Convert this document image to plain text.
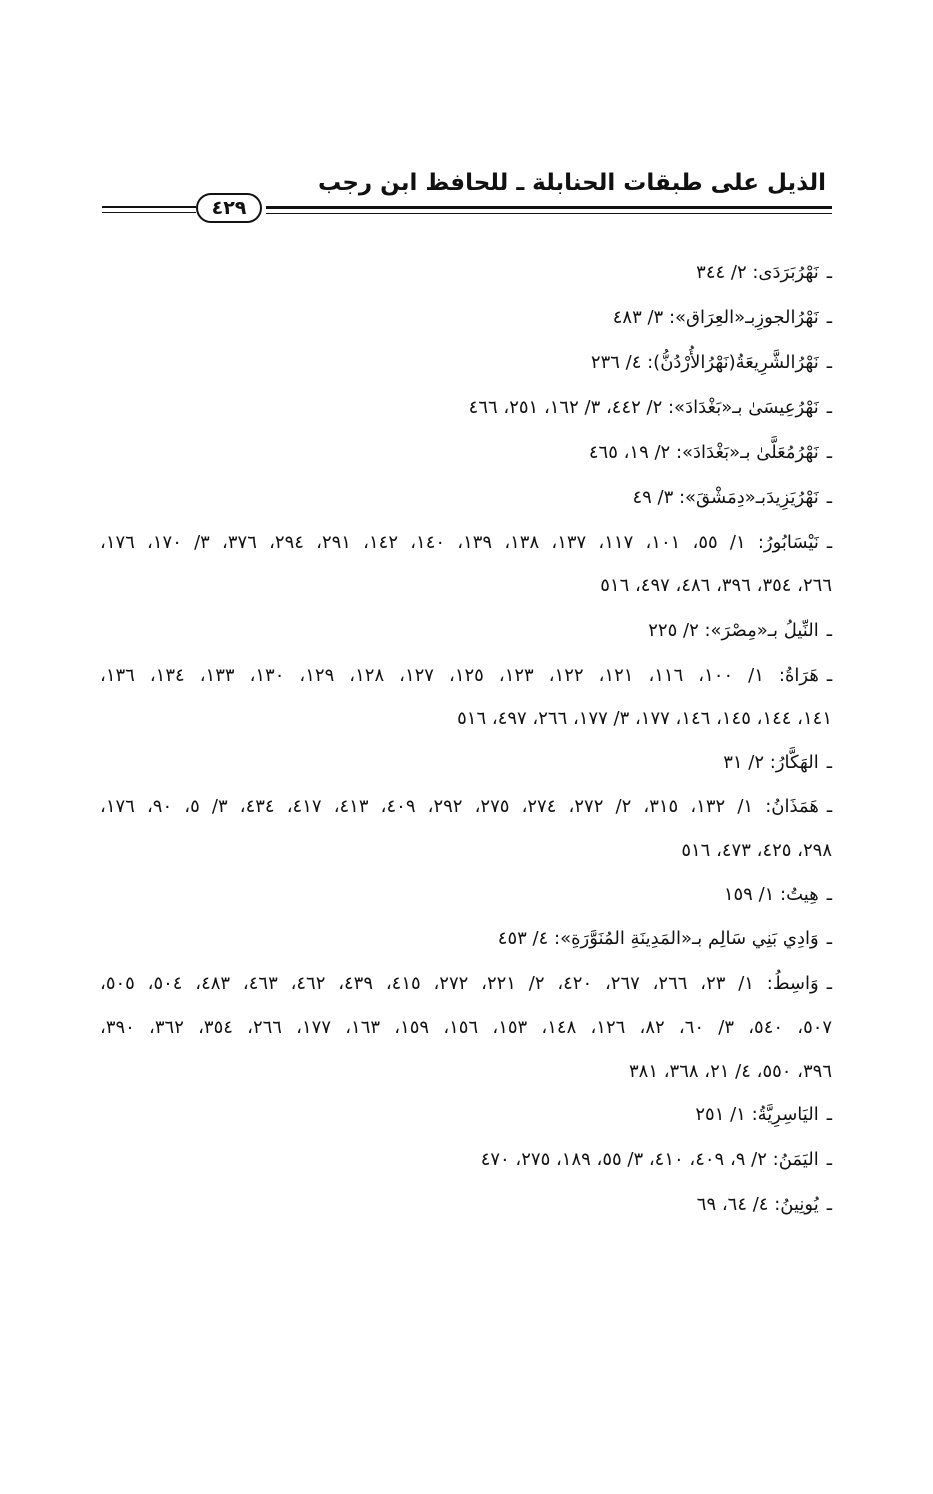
الذيل على طبقات الحنابلة ـ للحافظ ابن رجب
٤٢٩
ـنَهْرُبَرَدَى: ٢/ ٣٤٤
ـنَهْرُالجوزِبـ«العِرَاق»: ٣/ ٤٨٣
ـنَهْرُالشَّرِيعَةُ(نَهْرُالأُرْدُنُّ): ٤/ ٢٣٦
ـنَهْرُعِيسَىٰ بـ«بَغْدَادَ»: ٢/ ٤٤٢، ٣/ ١٦٢، ٢٥١، ٤٦٦
ـنَهْرُمُعَلَّىٰ بـ«بَغْدَادَ»: ٢/ ١٩، ٤٦٥
ـنَهْرُيَزِيدَبـ«دِمَشْقَ»: ٣/ ٤٩
ـنَيْسَابُورُ: ١/ ٥٥، ١٠١، ١١٧، ١٣٧، ١٣٨، ١٣٩، ١٤٠، ١٤٢، ٢٩١، ٢٩٤، ٣٧٦، ٣/ ١٧٠، ١٧٦،
٢٦٦، ٣٥٤، ٣٩٦، ٤٨٦، ٤٩٧، ٥١٦
ـالنِّيلُ بـ«مِصْرَ»: ٢/ ٢٢٥
ـهَرَاةُ: ١/ ١٠٠، ١١٦، ١٢١، ١٢٢، ١٢٣، ١٢٥، ١٢٧، ١٢٨، ١٢٩، ١٣٠، ١٣٣، ١٣٤، ١٣٦،
١٤١، ١٤٤، ١٤٥، ١٤٦، ١٧٧، ٣/ ١٧٧، ٢٦٦، ٤٩٧، ٥١٦
ـالهَكَّارُ: ٢/ ٣١
ـهَمَذَانُ: ١/ ١٣٢، ٣١٥، ٢/ ٢٧٢، ٢٧٤، ٢٧٥، ٢٩٢، ٤٠٩، ٤١٣، ٤١٧، ٤٣٤، ٣/ ٥، ٩٠، ١٧٦،
٢٩٨، ٤٢٥، ٤٧٣، ٥١٦
ـهِيتُ: ١/ ١٥٩
ـوَادِي بَنِي سَالِم بـ«المَدِينَةِ المُنَوَّرَةِ»: ٤/ ٤٥٣
ـوَاسِطُ: ١/ ٢٣، ٢٦٦، ٢٦٧، ٤٢٠، ٢/ ٢٢١، ٢٧٢، ٤١٥، ٤٣٩، ٤٦٢، ٤٦٣، ٤٨٣، ٥٠٤، ٥٠٥،
٥٠٧، ٥٤٠، ٣/ ٦٠، ٨٢، ١٢٦، ١٤٨، ١٥٣، ١٥٦، ١٥٩، ١٦٣، ١٧٧، ٢٦٦، ٣٥٤، ٣٦٢، ٣٩٠،
٣٩٦، ٥٥٠، ٤/ ٢١، ٣٦٨، ٣٨١
ـاليَاسِرِيَّةُ: ١/ ٢٥١
ـاليَمَنُ: ٢/ ٩، ٤٠٩، ٤١٠، ٣/ ٥٥، ١٨٩، ٢٧٥، ٤٧٠
ـيُونِينُ: ٤/ ٦٤، ٦٩
